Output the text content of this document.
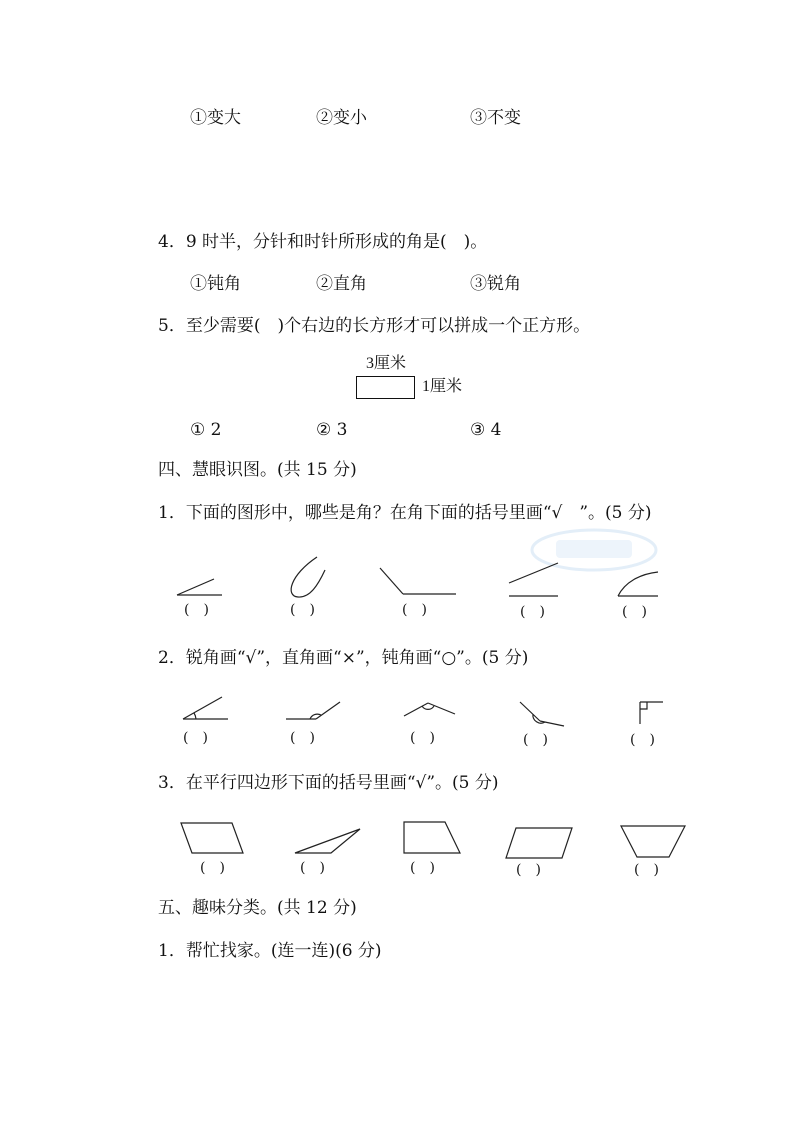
①变大	②变小	③不变
4．9 时半，分针和时针所形成的角是(　)。
①钝角	②直角	③锐角
5．至少需要(　)个右边的长方形才可以拼成一个正方形。
3厘米
1厘米
① 2	② 3	③ 4
四、慧眼识图。(共 15 分)
1．下面的图形中，哪些是角？在角下面的括号里画“√　”。(5 分)
(　)	(　)	(　)	(　)	(　)
2．锐角画“√”，直角画“×”，钝角画“○”。(5 分)
(　)	(　)	(　)	(　)	(　)
3．在平行四边形下面的括号里画“√”。(5 分)
(　)	(　)	(　)	(　)	(　)
五、趣味分类。(共 12 分)
1．帮忙找家。(连一连)(6 分)
